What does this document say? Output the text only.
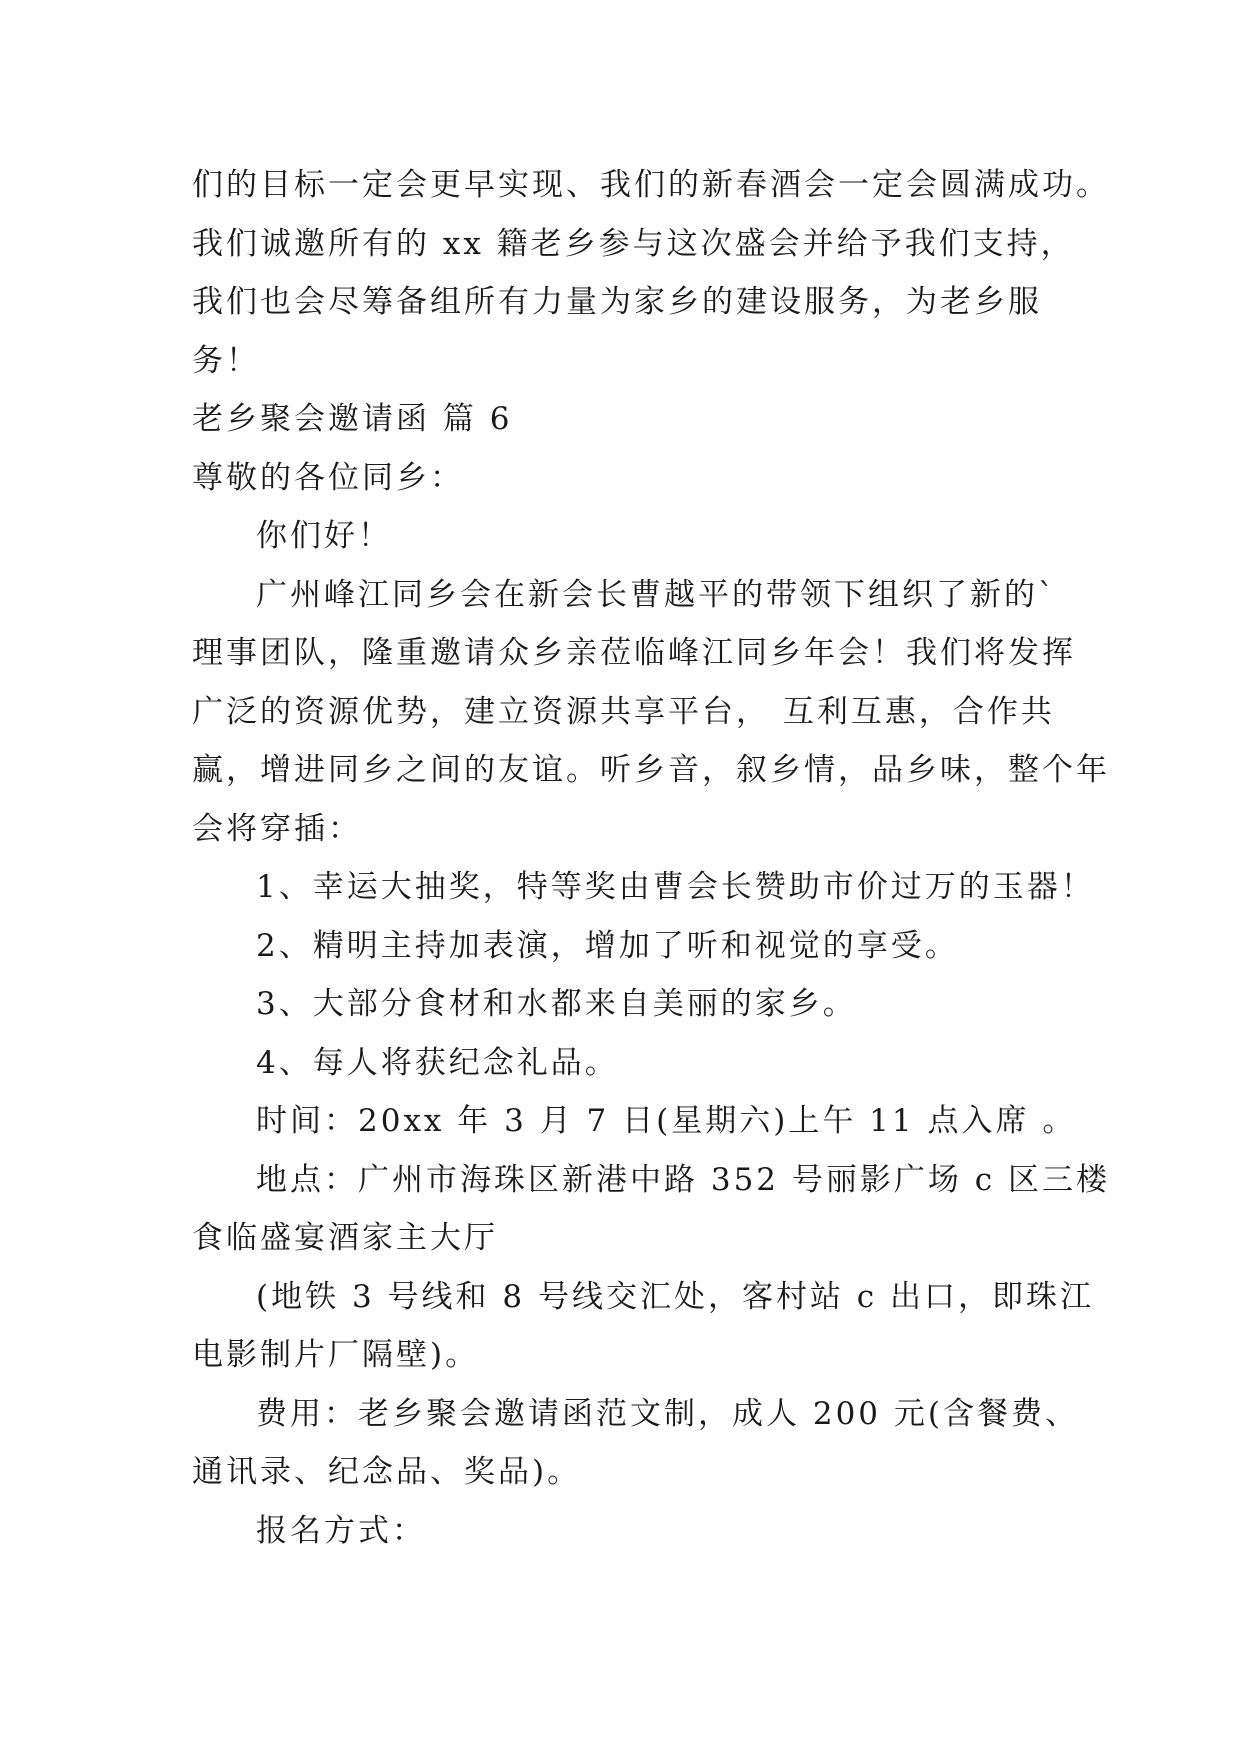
们的目标一定会更早实现、我们的新春酒会一定会圆满成功。
我们诚邀所有的 xx 籍老乡参与这次盛会并给予我们支持，
我们也会尽筹备组所有力量为家乡的建设服务，为老乡服
务！
老乡聚会邀请函 篇 6
尊敬的各位同乡：
你们好！
广州峰江同乡会在新会长曹越平的带领下组织了新的`
理事团队，隆重邀请众乡亲莅临峰江同乡年会！我们将发挥
广泛的资源优势，建立资源共享平台， 互利互惠，合作共
赢，增进同乡之间的友谊。听乡音，叙乡情，品乡味，整个年
会将穿插：
1、幸运大抽奖，特等奖由曹会长赞助市价过万的玉器！
2、精明主持加表演，增加了听和视觉的享受。
3、大部分食材和水都来自美丽的家乡。
4、每人将获纪念礼品。
时间：20xx 年 3 月 7 日(星期六)上午 11 点入席 。
地点：广州市海珠区新港中路 352 号丽影广场 c 区三楼
食临盛宴酒家主大厅
(地铁 3 号线和 8 号线交汇处，客村站 c 出口，即珠江
电影制片厂隔壁)。
费用：老乡聚会邀请函范文制，成人 200 元(含餐费、
通讯录、纪念品、奖品)。
报名方式：
